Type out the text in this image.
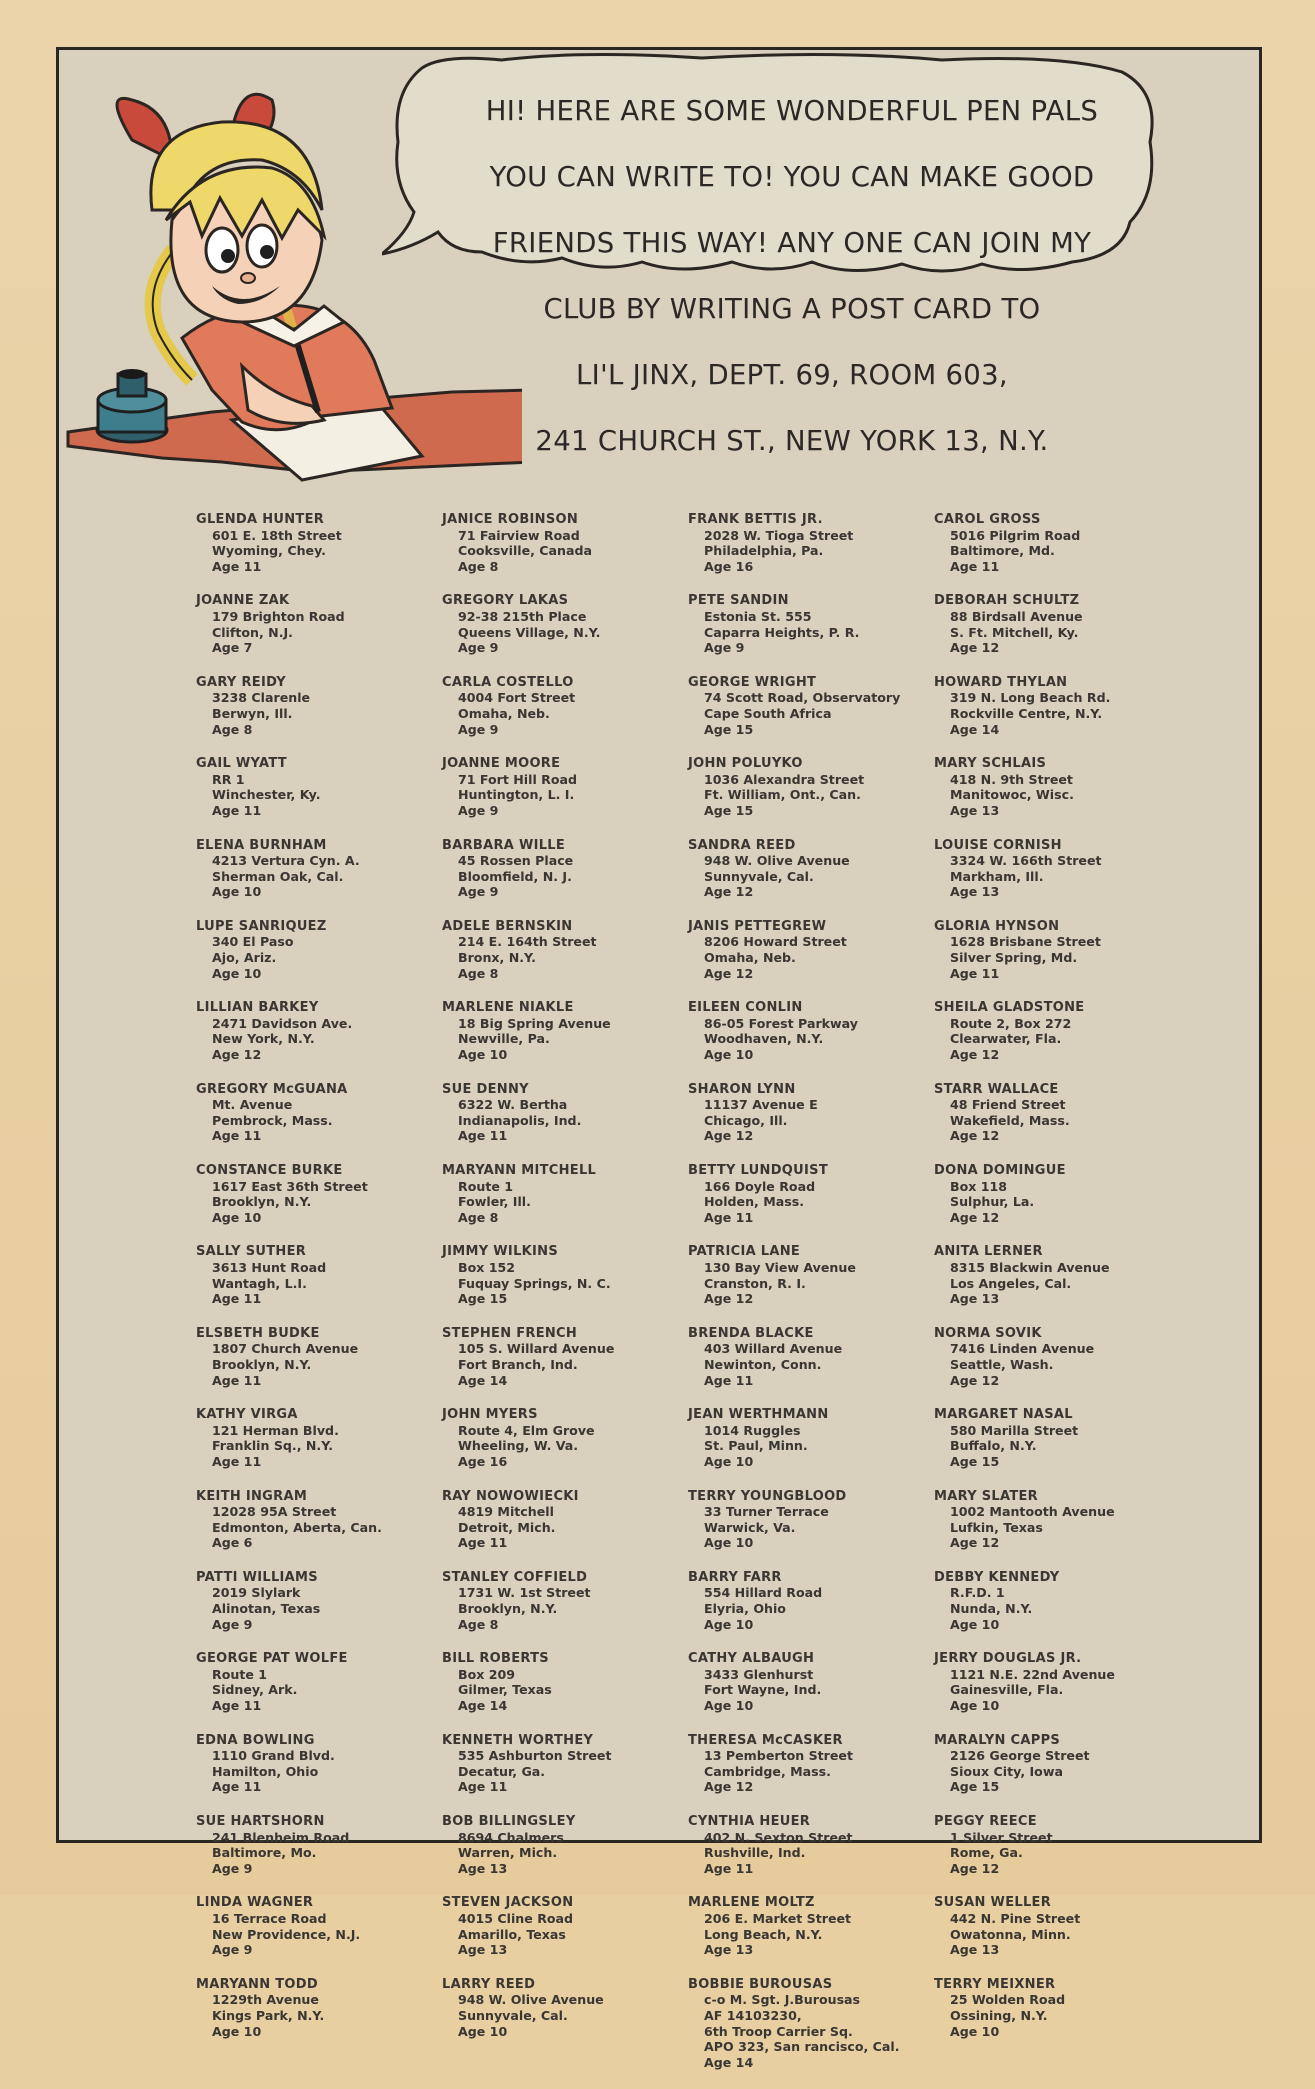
HI! HERE ARE SOME WONDERFUL PEN PALS

YOU CAN WRITE TO! YOU CAN MAKE GOOD

FRIENDS THIS WAY! ANY ONE CAN JOIN MY

CLUB BY WRITING A POST CARD TO

LI'L JINX, DEPT. 69, ROOM 603,

241 CHURCH ST., NEW YORK 13, N.Y.

GLENDA HUNTER
601 E. 18th Street
Wyoming, Chey.
Age 11
JOANNE ZAK
179 Brighton Road
Clifton, N.J.
Age 7
GARY REIDY
3238 Clarenle
Berwyn, Ill.
Age 8
GAIL WYATT
RR 1
Winchester, Ky.
Age 11
ELENA BURNHAM
4213 Vertura Cyn. A.
Sherman Oak, Cal.
Age 10
LUPE SANRIQUEZ
340 El Paso
Ajo, Ariz.
Age 10
LILLIAN BARKEY
2471 Davidson Ave.
New York, N.Y.
Age 12
GREGORY McGUANA
Mt. Avenue
Pembrock, Mass.
Age 11
CONSTANCE BURKE
1617 East 36th Street
Brooklyn, N.Y.
Age 10
SALLY SUTHER
3613 Hunt Road
Wantagh, L.I.
Age 11
ELSBETH BUDKE
1807 Church Avenue
Brooklyn, N.Y.
Age 11
KATHY VIRGA
121 Herman Blvd.
Franklin Sq., N.Y.
Age 11
KEITH INGRAM
12028 95A Street
Edmonton, Aberta, Can.
Age 6
PATTI WILLIAMS
2019 Slylark
Alinotan, Texas
Age 9
GEORGE PAT WOLFE
Route 1
Sidney, Ark.
Age 11
EDNA BOWLING
1110 Grand Blvd.
Hamilton, Ohio
Age 11
SUE HARTSHORN
241 Blenheim Road
Baltimore, Mo.
Age 9
LINDA WAGNER
16 Terrace Road
New Providence, N.J.
Age 9
MARYANN TODD
1229th Avenue
Kings Park, N.Y.
Age 10
JANICE ROBINSON
71 Fairview Road
Cooksville, Canada
Age 8
GREGORY LAKAS
92-38 215th Place
Queens Village, N.Y.
Age 9
CARLA COSTELLO
4004 Fort Street
Omaha, Neb.
Age 9
JOANNE MOORE
71 Fort Hill Road
Huntington, L. I.
Age 9
BARBARA WILLE
45 Rossen Place
Bloomfield, N. J.
Age 9
ADELE BERNSKIN
214 E. 164th Street
Bronx, N.Y.
Age 8
MARLENE NIAKLE
18 Big Spring Avenue
Newville, Pa.
Age 10
SUE DENNY
6322 W. Bertha
Indianapolis, Ind.
Age 11
MARYANN MITCHELL
Route 1
Fowler, Ill.
Age 8
JIMMY WILKINS
Box 152
Fuquay Springs, N. C.
Age 15
STEPHEN FRENCH
105 S. Willard Avenue
Fort Branch, Ind.
Age 14
JOHN MYERS
Route 4, Elm Grove
Wheeling, W. Va.
Age 16
RAY NOWOWIECKI
4819 Mitchell
Detroit, Mich.
Age 11
STANLEY COFFIELD
1731 W. 1st Street
Brooklyn, N.Y.
Age 8
BILL ROBERTS
Box 209
Gilmer, Texas
Age 14
KENNETH WORTHEY
535 Ashburton Street
Decatur, Ga.
Age 11
BOB BILLINGSLEY
8694 Chalmers
Warren, Mich.
Age 13
STEVEN JACKSON
4015 Cline Road
Amarillo, Texas
Age 13
LARRY REED
948 W. Olive Avenue
Sunnyvale, Cal.
Age 10
FRANK BETTIS JR.
2028 W. Tioga Street
Philadelphia, Pa.
Age 16
PETE SANDIN
Estonia St. 555
Caparra Heights, P. R.
Age 9
GEORGE WRIGHT
74 Scott Road, Observatory
Cape South Africa
Age 15
JOHN POLUYKO
1036 Alexandra Street
Ft. William, Ont., Can.
Age 15
SANDRA REED
948 W. Olive Avenue
Sunnyvale, Cal.
Age 12
JANIS PETTEGREW
8206 Howard Street
Omaha, Neb.
Age 12
EILEEN CONLIN
86-05 Forest Parkway
Woodhaven, N.Y.
Age 10
SHARON LYNN
11137 Avenue E
Chicago, Ill.
Age 12
BETTY LUNDQUIST
166 Doyle Road
Holden, Mass.
Age 11
PATRICIA LANE
130 Bay View Avenue
Cranston, R. I.
Age 12
BRENDA BLACKE
403 Willard Avenue
Newinton, Conn.
Age 11
JEAN WERTHMANN
1014 Ruggles
St. Paul, Minn.
Age 10
TERRY YOUNGBLOOD
33 Turner Terrace
Warwick, Va.
Age 10
BARRY FARR
554 Hillard Road
Elyria, Ohio
Age 10
CATHY ALBAUGH
3433 Glenhurst
Fort Wayne, Ind.
Age 10
THERESA McCASKER
13 Pemberton Street
Cambridge, Mass.
Age 12
CYNTHIA HEUER
402 N. Sexton Street
Rushville, Ind.
Age 11
MARLENE MOLTZ
206 E. Market Street
Long Beach, N.Y.
Age 13
BOBBIE BUROUSAS
c-o M. Sgt. J.Burousas
AF 14103230,
6th Troop Carrier Sq.
APO 323, San rancisco, Cal.
Age 14
CAROL GROSS
5016 Pilgrim Road
Baltimore, Md.
Age 11
DEBORAH SCHULTZ
88 Birdsall Avenue
S. Ft. Mitchell, Ky.
Age 12
HOWARD THYLAN
319 N. Long Beach Rd.
Rockville Centre, N.Y.
Age 14
MARY SCHLAIS
418 N. 9th Street
Manitowoc, Wisc.
Age 13
LOUISE CORNISH
3324 W. 166th Street
Markham, Ill.
Age 13
GLORIA HYNSON
1628 Brisbane Street
Silver Spring, Md.
Age 11
SHEILA GLADSTONE
Route 2, Box 272
Clearwater, Fla.
Age 12
STARR WALLACE
48 Friend Street
Wakefield, Mass.
Age 12
DONA DOMINGUE
Box 118
Sulphur, La.
Age 12
ANITA LERNER
8315 Blackwin Avenue
Los Angeles, Cal.
Age 13
NORMA SOVIK
7416 Linden Avenue
Seattle, Wash.
Age 12
MARGARET NASAL
580 Marilla Street
Buffalo, N.Y.
Age 15
MARY SLATER
1002 Mantooth Avenue
Lufkin, Texas
Age 12
DEBBY KENNEDY
R.F.D. 1
Nunda, N.Y.
Age 10
JERRY DOUGLAS JR.
1121 N.E. 22nd Avenue
Gainesville, Fla.
Age 10
MARALYN CAPPS
2126 George Street
Sioux City, Iowa
Age 15
PEGGY REECE
1 Silver Street
Rome, Ga.
Age 12
SUSAN WELLER
442 N. Pine Street
Owatonna, Minn.
Age 13
TERRY MEIXNER
25 Wolden Road
Ossining, N.Y.
Age 10
